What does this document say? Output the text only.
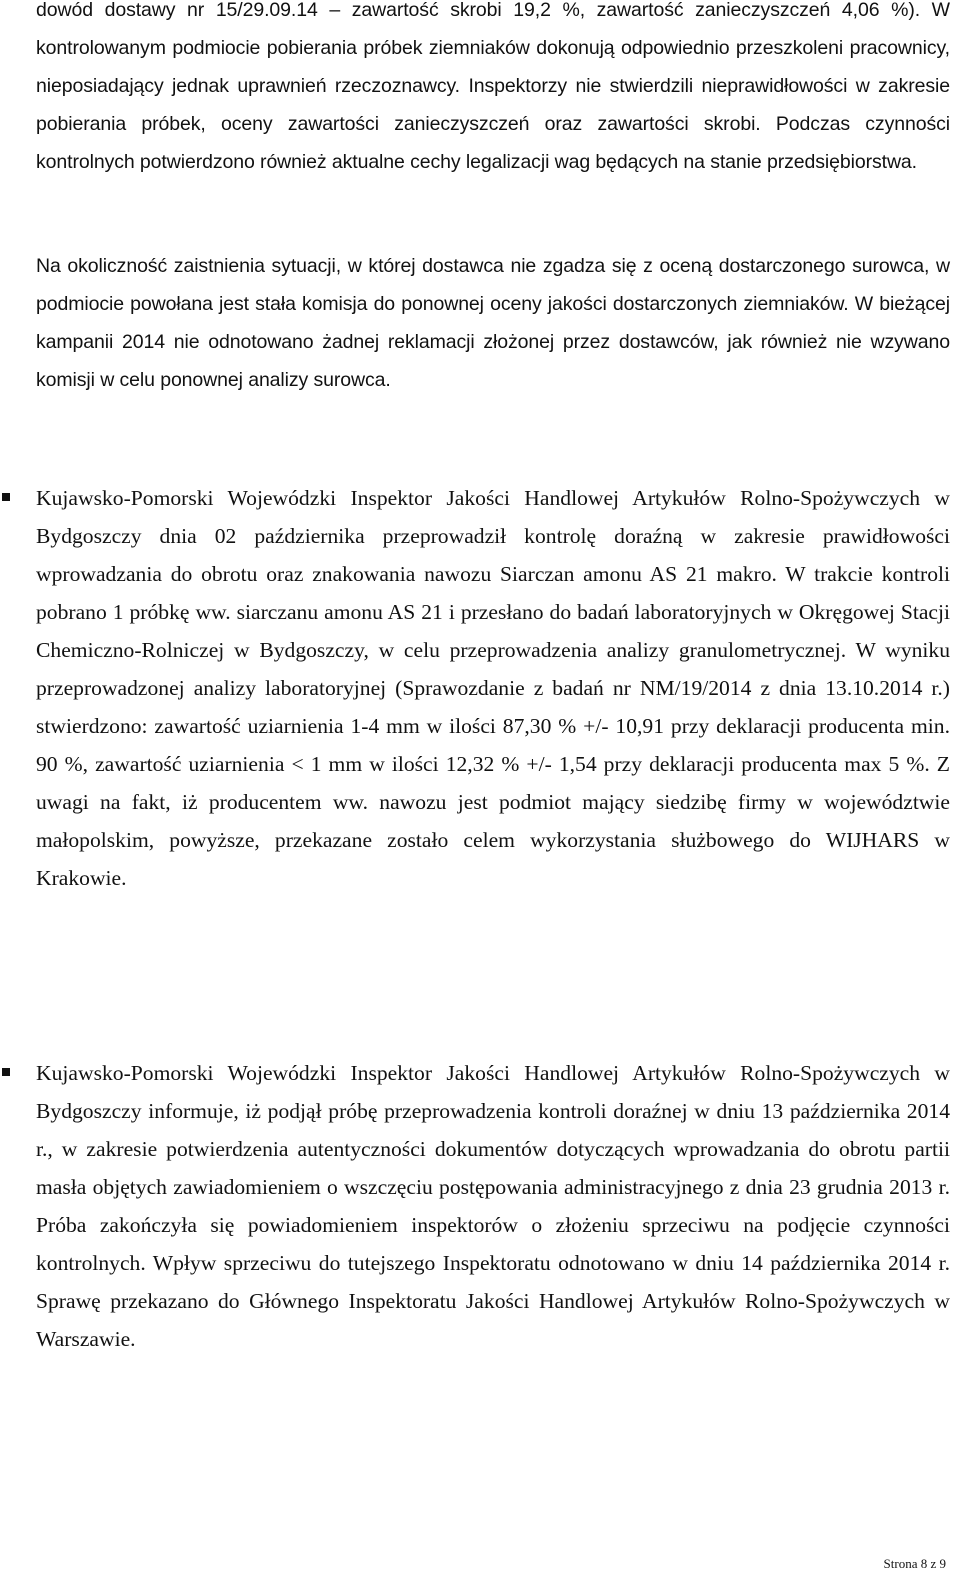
dowód dostawy nr 15/29.09.14 – zawartość skrobi 19,2 %, zawartość zanieczyszczeń 4,06 %). W kontrolowanym podmiocie pobierania próbek ziemniaków dokonują odpowiednio przeszkoleni pracownicy, nieposiadający jednak uprawnień rzeczoznawcy. Inspektorzy nie stwierdzili nieprawidłowości w zakresie pobierania próbek, oceny zawartości zanieczyszczeń oraz zawartości skrobi. Podczas czynności kontrolnych potwierdzono również aktualne cechy legalizacji wag będących na stanie przedsiębiorstwa.

Na okoliczność zaistnienia sytuacji, w której dostawca nie zgadza się z oceną dostarczonego surowca, w podmiocie powołana jest stała komisja do ponownej oceny jakości dostarczonych ziemniaków. W bieżącej kampanii 2014 nie odnotowano żadnej reklamacji złożonej przez dostawców, jak również nie wzywano komisji w celu ponownej analizy surowca.

Kujawsko-Pomorski Wojewódzki Inspektor Jakości Handlowej Artykułów Rolno-Spożywczych w Bydgoszczy dnia 02 października przeprowadził kontrolę doraźną w zakresie prawidłowości wprowadzania do obrotu oraz znakowania nawozu Siarczan amonu AS 21 makro. W trakcie kontroli pobrano 1 próbkę ww. siarczanu amonu AS 21 i przesłano do badań laboratoryjnych w Okręgowej Stacji Chemiczno-Rolniczej w Bydgoszczy, w celu przeprowadzenia analizy granulometrycznej. W wyniku przeprowadzonej analizy laboratoryjnej (Sprawozdanie z badań nr NM/19/2014 z dnia 13.10.2014 r.) stwierdzono: zawartość uziarnienia 1-4 mm w ilości 87,30 % +/- 10,91 przy deklaracji producenta min. 90 %, zawartość uziarnienia < 1 mm w ilości 12,32 % +/- 1,54 przy deklaracji producenta max 5 %. Z uwagi na fakt, iż producentem ww. nawozu jest podmiot mający siedzibę firmy w województwie małopolskim, powyższe, przekazane zostało celem wykorzystania służbowego do WIJHARS w Krakowie.

Kujawsko-Pomorski Wojewódzki Inspektor Jakości Handlowej Artykułów Rolno-Spożywczych w Bydgoszczy informuje, iż podjął próbę przeprowadzenia kontroli doraźnej w dniu 13 października 2014 r., w zakresie potwierdzenia autentyczności dokumentów dotyczących wprowadzania do obrotu partii masła objętych zawiadomieniem o wszczęciu postępowania administracyjnego z dnia 23 grudnia 2013 r. Próba zakończyła się powiadomieniem inspektorów o złożeniu sprzeciwu na podjęcie czynności kontrolnych. Wpływ sprzeciwu do tutejszego Inspektoratu odnotowano w dniu 14 października 2014 r. Sprawę przekazano do Głównego Inspektoratu Jakości Handlowej Artykułów Rolno-Spożywczych w Warszawie.

Strona 8 z 9
